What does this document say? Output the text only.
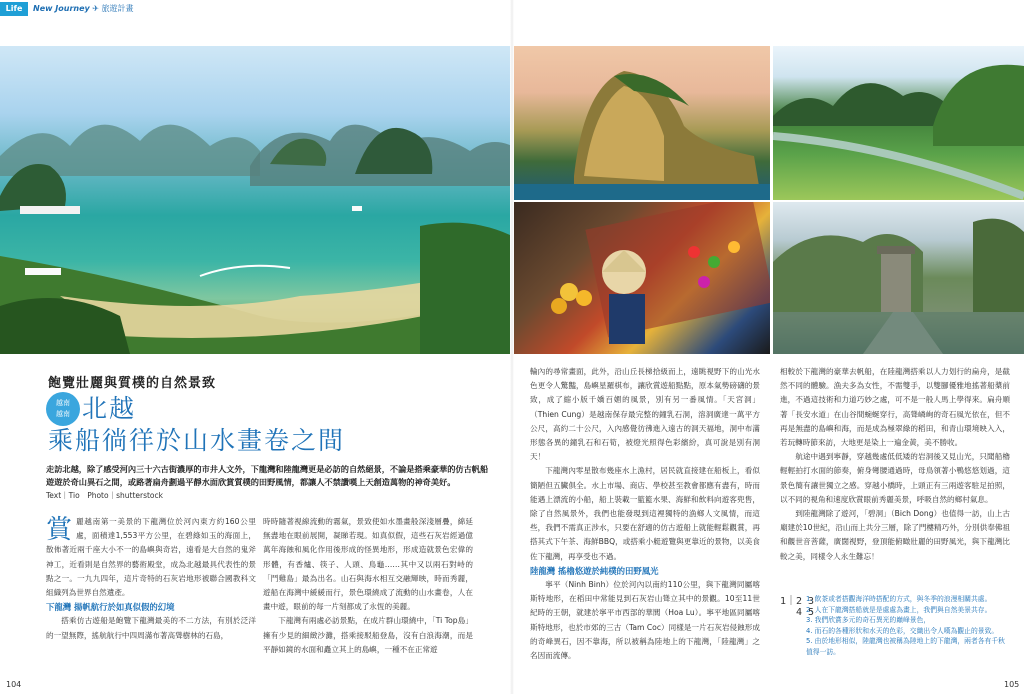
Life	New Journey ✈ 旅遊計畫
飽覽壯麗與質樸的自然景致
越南
越南 北越
乘船徜徉於山水畫卷之間
走訪北越，除了感受河內三十六古街濃厚的市井人文外，下龍灣和陸龍灣更是必訪的自然絕景，不論是搭乘豪華的仿古帆船遊遊於奇山異石之間，或路著扁舟劃過平靜水面欣賞質樸的田野風情，都讓人不禁讚嘆上天創造萬物的神奇美好。
Text｜Tio　Photo｜shutterstock
賞 麗越南第一美景的下龍灣位於河內東方約160公里處，面積達1,553平方公里，在碧綠如玉的海面上，散佈著近兩千座大小不一的島嶼與奇岩，遠看是大自然的鬼斧神工，近看則是自然界的藝術殿堂，成為北越最具代表性的景點之一。一九九四年，這片奇特的石灰岩地形被聯合國教科文組織列為世界自然遺產。

下龍灣 揚帆航行於如真似假的幻境

搭乘仿古遊船是飽覽下龍灣最美的不二方法，有別於泛洋的一望無際，搖航航行中四周滿布著高聳樹林的石島，

時時隨著視線流動的霧氣，景致使如水墨畫般深淺層疊，綿延無盡地在眼前展開，凝睇若現。如真似假，這些石灰岩經過億萬年海蝕和風化作用後形成的怪異地形，形成造就景色宏偉的形體，有香爐、筷子、人頭、鳥龜……其中又以兩石對峙的「鬥雞島」最為出名。山石與海水相互交融輝映，時而秀麗，遊船在海灣中緩緩而行，景色環繞成了流動的山水畫卷，人在畫中遊，眼前的每一片刻都成了永恆的美麗。

下龍灣有兩處必訪景點，在成片群山環繞中，「Ti Top島」擁有少見的細緻沙灘，搭乘接駁船登島，沒有白浪海潮，而是平靜如鏡的水面和矗立其上的島嶼，一種不在正常遊

104

輪內的尋常畫面，此外，沿山丘長梯拾級而上，遠眺視野下的山光水色更令人驚豔，島嶼星羅棋布，讓欣賞遊船點點，原本氣勢磅礴的景致，成了縮小版千嬌百媚的風景，別有另一番風情。「天宮洞」（Thien Cung）是越南保存最完整的鐘乳石洞，溶洞廣達一萬平方公尺，高約二十公尺，入內感覺彷彿進入遠古的洞天福地，洞中布滿形態各異的鐘乳石和石筍，被燈光照得色彩繽紛，真可說是別有洞天！

下龍灣內零星散布幾座水上漁村，居民就直接建在船板上，看似簡陋但五臟俱全。水上市場、商店、學校甚至教會都應有盡有，時而能遇上漂流的小船，船上裝載一籃籃水果、海鮮和飲料向遊客兜售，除了自然風景外，我們也能發現到這裡獨特的漁鄉人文風情，而這些，我們不需真正涉水，只要在舒適的仿古遊船上就能輕鬆觀賞，再搭其式下午茶、海鮮BBQ，或搭乘小艇遊覽與更靠近的景物，以美食佐下龍灣，再享受也不過。

陸龍灣 搖櫓悠遊於純樸的田野風光

寧平（Ninh Binh）位於河內以南約110公里，與下龍灣同屬喀斯特地形，在稻田中常能見到石灰岩山聳立其中的景觀。10至11世紀時的王朝，就建於寧平市西部的華閭（Hoa Lu）。寧平地區同屬喀斯特地形，也於市郊的三古（Tam Coc）同樣是一片石灰岩侵蝕形成的奇峰異石，因不靠海，所以被稱為陸地上的下龍灣，「陸龍灣」之名因而流傳。

相較於下龍灣的豪華去帆船，在陸龍灣搭乘以人力划行的扁舟，是截然不同的體驗。漁夫多為女性，不需雙手，以雙腳優雅地搖著船槳前進，不過這技術和力道巧妙之處，可不是一般人馬上學得來。扁舟順著「長安水道」在山谷間蜿蜒穿行，高聳嶙峋的奇石風光依在，但不再是無盡的島嶼和海，而是成為極翠綠的稻田，和青山環境映入入，若玩轉時節來訪，大地更是染上一遍金黃，美不勝收。

航途中遇到寧靜，穿越幾處低低矮的岩洞後又見山光，只聞船櫓輕輕拍打水面的節奏，俯身彎腰通過時，母鳥領著小鴨悠悠划過，這景色簡有讓世獨立之感。穿越小橋時，上頭正有三兩遊客駐足拍照，以不同的視角和速度欣賞眼前秀麗美景，呼吸自然的鄉村氣息。

到陸龍灣除了遊河，「碧洞」（Bich Dong）也值得一訪，山上古廟建於10世紀，沿山而上共分三層，除了門樓精巧外，分別供奉佛祖和觀世音菩薩，廣闊視野，登頂能俯瞰壯麗的田野風光，與下龍灣比較之美，同樣令人永生難忘！

1｜2 3
　 4 5
1. 飲茶或者搭觀海洋時搭配的方式，與冬季的浪漫相關共處。
2. 人在下龍灣搭船就是是處處為畫上，我們與自然美景共存。
3. 我們欣賞多元的奇石異光的巔峰景色，
4. 而石的各種形狀和水天的色彩，交織出令人嘆為觀止的景致。
5. 由於地形相似，陸龍灣也被稱為陸地上的下龍灣，兩者各有千秋值得一訪。
105
